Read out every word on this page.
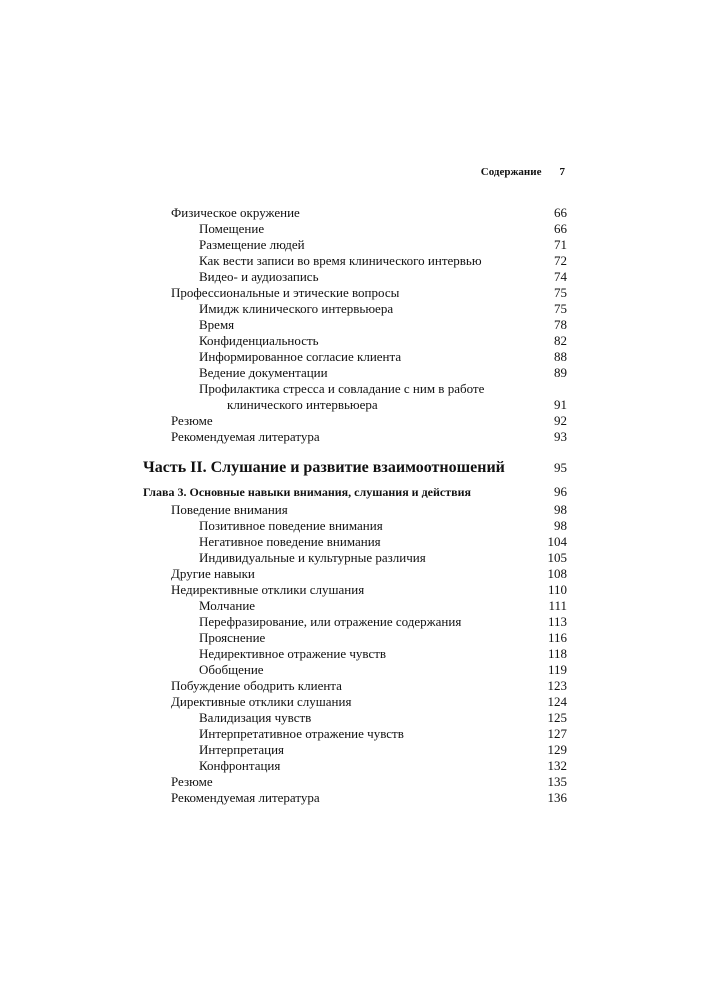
Содержание 7
Физическое окружение	66
Помещение	66
Размещение людей	71
Как вести записи во время клинического интервью	72
Видео- и аудиозапись	74
Профессиональные и этические вопросы	75
Имидж клинического интервьюера	75
Время	78
Конфиденциальность	82
Информированное согласие клиента	88
Ведение документации	89
Профилактика стресса и совладание с ним в работе
клинического интервьюера	91
Резюме	92
Рекомендуемая литература	93
Часть II. Слушание и развитие взаимоотношений	95
Глава 3. Основные навыки внимания, слушания и действия	96
Поведение внимания	98
Позитивное поведение внимания	98
Негативное поведение внимания	104
Индивидуальные и культурные различия	105
Другие навыки	108
Недирективные отклики слушания	110
Молчание	111
Перефразирование, или отражение содержания	113
Прояснение	116
Недирективное отражение чувств	118
Обобщение	119
Побуждение ободрить клиента	123
Директивные отклики слушания	124
Валидизация чувств	125
Интерпретативное отражение чувств	127
Интерпретация	129
Конфронтация	132
Резюме	135
Рекомендуемая литература	136
